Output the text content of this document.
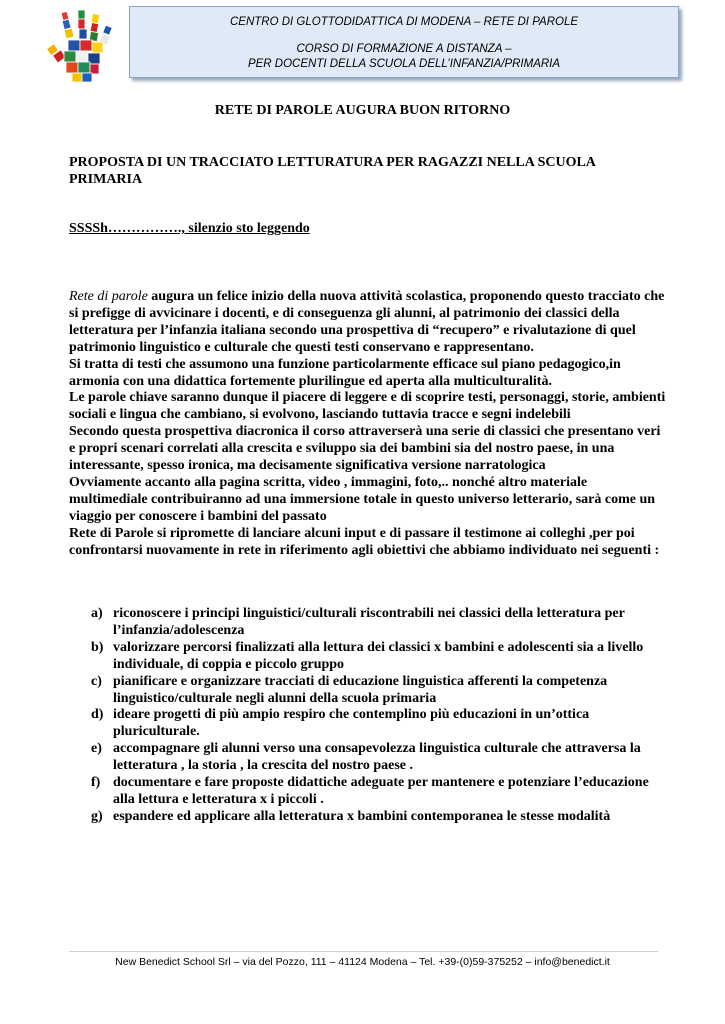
CENTRO DI GLOTTODIDATTICA DI MODENA – RETE DI PAROLE
CORSO DI FORMAZIONE A DISTANZA –
PER DOCENTI DELLA SCUOLA DELL’INFANZIA/PRIMARIA
RETE DI PAROLE AUGURA BUON RITORNO
PROPOSTA DI UN TRACCIATO LETTURATURA PER RAGAZZI NELLA SCUOLA PRIMARIA
SSSSh……………., silenzio sto leggendo

Rete di parole augura un felice inizio della nuova attività scolastica, proponendo questo tracciato che si prefigge di avvicinare i docenti, e di conseguenza gli alunni, al patrimonio dei classici della letteratura per l’infanzia italiana secondo una prospettiva di “recupero” e rivalutazione di quel patrimonio linguistico e culturale che questi testi conservano e rappresentano.

Si tratta di testi che assumono una funzione particolarmente efficace sul piano pedagogico,in armonia con una didattica fortemente plurilingue ed aperta alla multiculturalità.

Le parole chiave saranno dunque il piacere di leggere e di scoprire testi, personaggi, storie, ambienti sociali e lingua che cambiano, si evolvono, lasciando tuttavia tracce e segni indelebili

Secondo questa prospettiva diacronica il corso attraverserà una serie di classici che presentano veri e propri scenari correlati alla crescita e sviluppo sia dei bambini sia del nostro paese, in una interessante, spesso ironica, ma decisamente significativa versione narratologica

Ovviamente accanto alla pagina scritta, video , immagini, foto,.. nonché altro materiale multimediale contribuiranno ad una immersione totale in questo universo letterario, sarà come un viaggio per conoscere i bambini del passato

Rete di Parole si ripromette di lanciare alcuni input e di passare il testimone ai colleghi ,per poi confrontarsi nuovamente in rete in riferimento agli obiettivi che abbiamo individuato nei seguenti :

a) riconoscere i principi linguistici/culturali riscontrabili nei classici della letteratura per l’infanzia/adolescenza
b) valorizzare percorsi finalizzati alla lettura dei classici x bambini e adolescenti sia a livello individuale, di coppia e piccolo gruppo
c) pianificare e organizzare tracciati di educazione linguistica afferenti la competenza linguistico/culturale negli alunni della scuola primaria
d) ideare progetti di più ampio respiro che contemplino più educazioni in un’ottica pluriculturale.
e) accompagnare gli alunni verso una consapevolezza linguistica culturale che attraversa la letteratura , la storia , la crescita del nostro paese .
f) documentare e fare proposte didattiche adeguate per mantenere e potenziare l’educazione alla lettura e letteratura x i piccoli .
g) espandere ed applicare alla letteratura x bambini contemporanea le stesse modalità
New Benedict School Srl – via del Pozzo, 111 – 41124 Modena – Tel. +39-(0)59-375252 – info@benedict.it
